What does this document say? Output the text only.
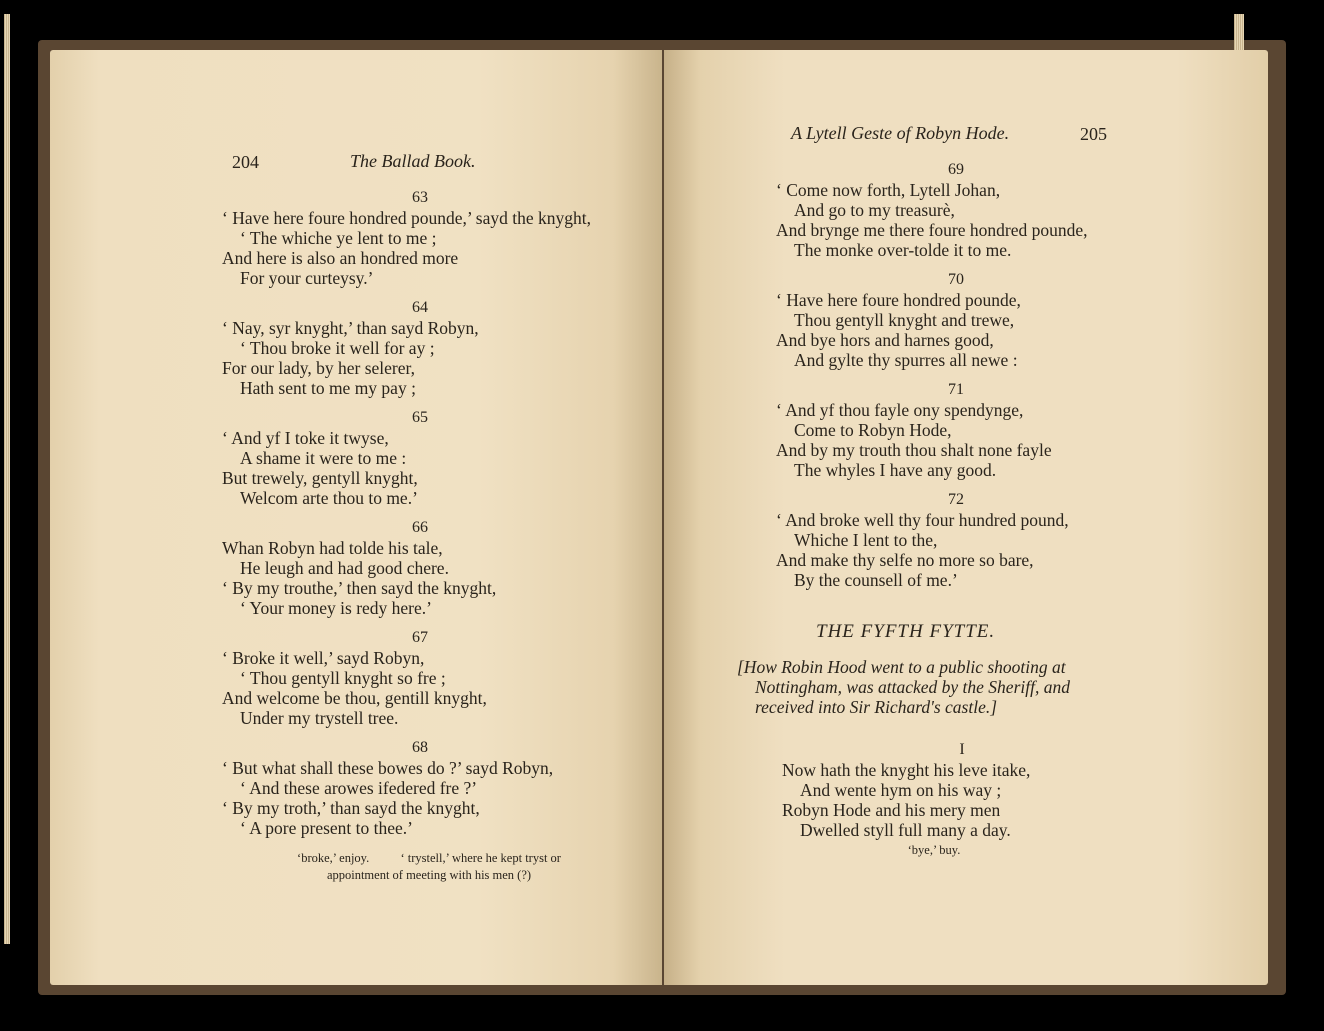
204	The Ballad Book.
63
‘ Have here foure hondred pounde,’ sayd the knyght,
‘ The whiche ye lent to me ;
And here is also an hondred more
For your curteysy.’
64
‘ Nay, syr knyght,’ than sayd Robyn,
‘ Thou broke it well for ay ;
For our lady, by her selerer,
Hath sent to me my pay ;
65
‘ And yf I toke it twyse,
A shame it were to me :
But trewely, gentyll knyght,
Welcom arte thou to me.’
66
Whan Robyn had tolde his tale,
He leugh and had good chere.
‘ By my trouthe,’ then sayd the knyght,
‘ Your money is redy here.’
67
‘ Broke it well,’ sayd Robyn,
‘ Thou gentyll knyght so fre ;
And welcome be thou, gentill knyght,
Under my trystell tree.
68
‘ But what shall these bowes do ?’ sayd Robyn,
‘ And these arowes ifedered fre ?’
‘ By my troth,’ than sayd the knyght,
‘ A pore present to thee.’
‘broke,’ enjoy.          ‘ trystell,’ where he kept tryst or
appointment of meeting with his men (?)
A Lytell Geste of Robyn Hode.	205
69
‘ Come now forth, Lytell Johan,
And go to my treasurè,
And brynge me there foure hondred pounde,
The monke over-tolde it to me.
70
‘ Have here foure hondred pounde,
Thou gentyll knyght and trewe,
And bye hors and harnes good,
And gylte thy spurres all newe :
71
‘ And yf thou fayle ony spendynge,
Come to Robyn Hode,
And by my trouth thou shalt none fayle
The whyles I have any good.
72
‘ And broke well thy four hundred pound,
Whiche I lent to the,
And make thy selfe no more so bare,
By the counsell of me.’
THE FYFTH FYTTE.
[How Robin Hood went to a public shooting at
Nottingham, was attacked by the Sheriff, and
received into Sir Richard's castle.]
I
Now hath the knyght his leve itake,
And wente hym on his way ;
Robyn Hode and his mery men
Dwelled styll full many a day.
‘bye,’ buy.
